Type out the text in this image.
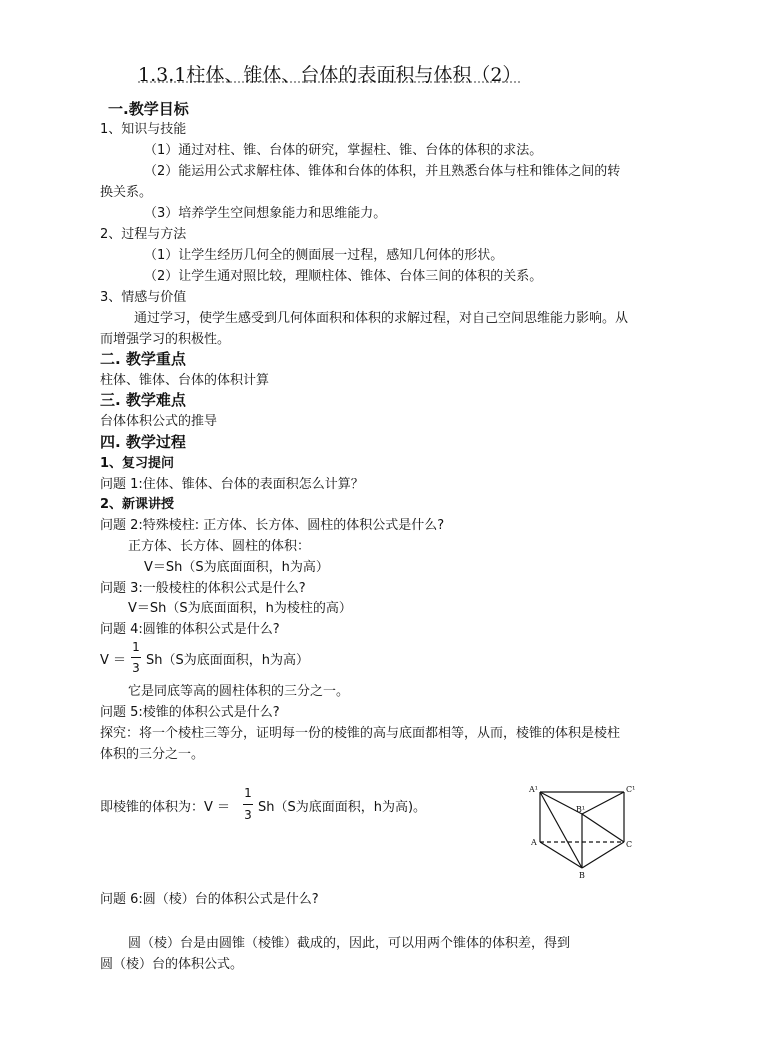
1.3.1柱体、锥体、台体的表面积与体积（2）
一.教学目标
1、知识与技能
（1）通过对柱、锥、台体的研究，掌握柱、锥、台体的体积的求法。
（2）能运用公式求解柱体、锥体和台体的体积，并且熟悉台体与柱和锥体之间的转
换关系。
（3）培养学生空间想象能力和思维能力。
2、过程与方法
（1）让学生经历几何全的侧面展一过程，感知几何体的形状。
（2）让学生通对照比较，理顺柱体、锥体、台体三间的体积的关系。
3、情感与价值
通过学习，使学生感受到几何体面积和体积的求解过程，对自己空间思维能力影响。从
而增强学习的积极性。
二. 教学重点
柱体、锥体、台体的体积计算
三. 教学难点
台体体积公式的推导
四. 教学过程
1、复习提问
问题 1:住体、锥体、台体的表面积怎么计算？
2、新课讲授
问题 2:特殊棱柱: 正方体、长方体、圆柱的体积公式是什么?
正方体、长方体、圆柱的体积：
V＝Sh（S为底面面积，h为高）
问题 3:一般棱柱的体积公式是什么?
V＝Sh（S为底面面积，h为棱柱的高）
问题 4:圆锥的体积公式是什么?
V ＝
1
3 Sh（S为底面面积，h为高）
它是同底等高的圆柱体积的三分之一。
问题 5:棱锥的体积公式是什么?
探究：将一个棱柱三等分，证明每一份的棱锥的高与底面都相等，从而，棱锥的体积是棱柱
体积的三分之一。
即棱锥的体积为：V ＝
1
3 Sh（S为底面面积，h为高)。
A¹
B¹
C¹
A
B
C
问题 6:圆（棱）台的体积公式是什么?
圆（棱）台是由圆锥（棱锥）截成的，因此，可以用两个锥体的体积差，得到
圆（棱）台的体积公式。
